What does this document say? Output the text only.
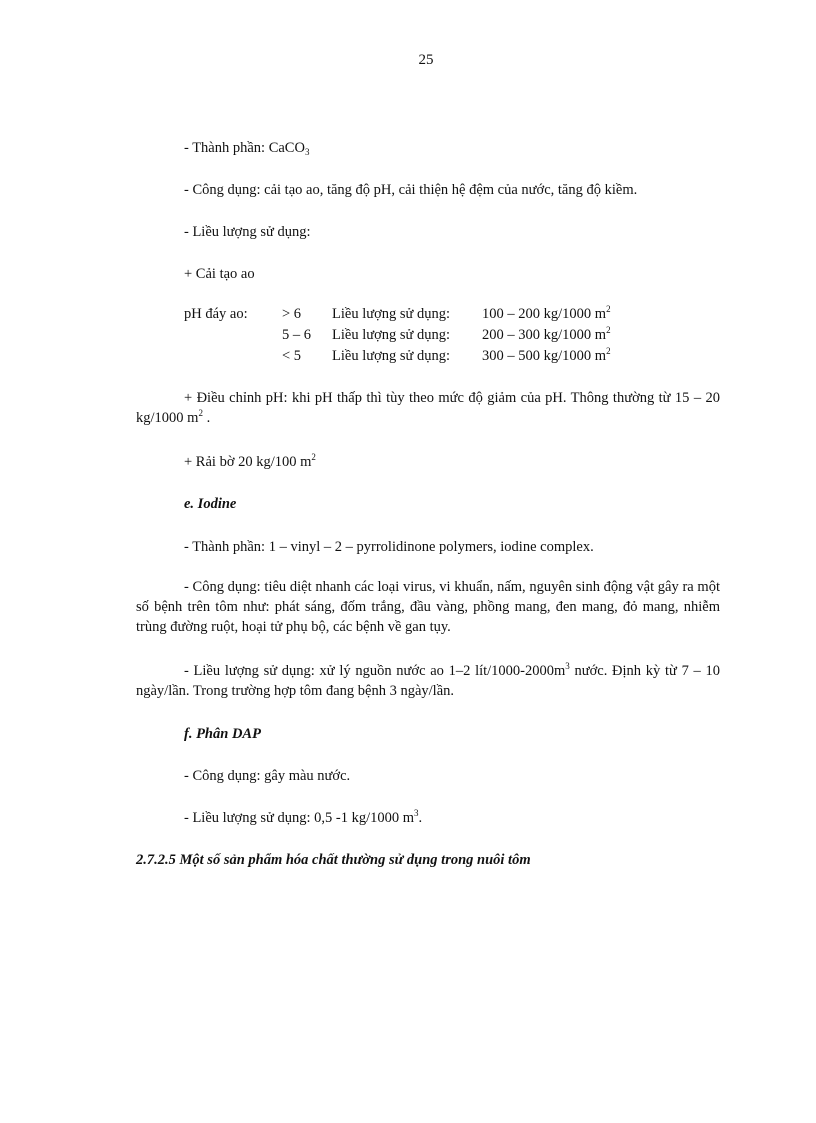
25
- Thành phần: CaCO$_3$
- Công dụng: cải tạo ao, tăng độ pH, cải thiện hệ đệm của nước, tăng độ kiềm.
- Liều lượng sử dụng:
+ Cải tạo ao
pH đáy ao: > 6 Liều lượng sử dụng: 100 – 200 kg/1000 $m^2$
5 – 6 Liều lượng sử dụng: 200 – 300 kg/1000 $m^2$
< 5 Liều lượng sử dụng: 300 – 500 kg/1000 $m^2$
+ Điều chỉnh pH: khi pH thấp thì tùy theo mức độ giảm của pH. Thông thường từ 15 – 20 kg/1000 $m^2$ .
+ Rải bờ 20 kg/100 $m^2$
e. Iodine
- Thành phần: 1 – vinyl – 2 – pyrrolidinone polymers, iodine complex.
- Công dụng: tiêu diệt nhanh các loại virus, vi khuẩn, nấm, nguyên sinh động vật gây ra một số bệnh trên tôm như: phát sáng, đốm trắng, đầu vàng, phồng mang, đen mang, đỏ mang, nhiễm trùng đường ruột, hoại tử phụ bộ, các bệnh về gan tụy.
- Liều lượng sử dụng: xử lý nguồn nước ao 1–2 lít/$1000-2000m^3$ nước. Định kỳ từ 7 – 10 ngày/lần. Trong trường hợp tôm đang bệnh 3 ngày/lần.
f. Phân DAP
- Công dụng: gây màu nước.
- Liều lượng sử dụng: 0,5 -1 kg/1000 $m^3$.
2.7.2.5 Một số sản phẩm hóa chất thường sử dụng trong nuôi tôm
